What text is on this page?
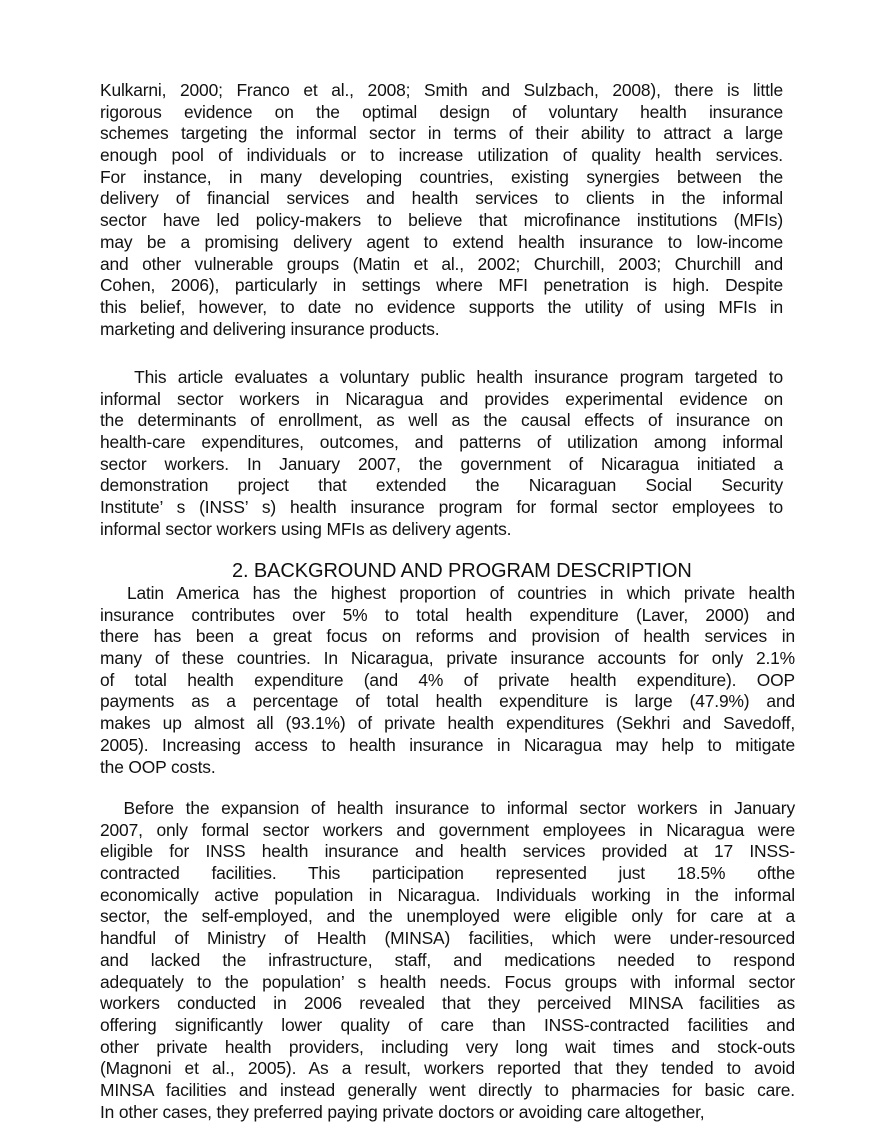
Kulkarni, 2000; Franco et al., 2008; Smith and Sulzbach, 2008), there is little
rigorous evidence on the optimal design of voluntary health insurance
schemes targeting the informal sector in terms of their ability to attract a large
enough pool of individuals or to increase utilization of quality health services.
For instance, in many developing countries, existing synergies between the
delivery of financial services and health services to clients in the informal
sector have led policy-makers to believe that microfinance institutions (MFIs)
may be a promising delivery agent to extend health insurance to low-income
and other vulnerable groups (Matin et al., 2002; Churchill, 2003; Churchill and
Cohen, 2006), particularly in settings where MFI penetration is high. Despite
this belief, however, to date no evidence supports the utility of using MFIs in
marketing and delivering insurance products.
This article evaluates a voluntary public health insurance program targeted to
informal sector workers in Nicaragua and provides experimental evidence on
the determinants of enrollment, as well as the causal effects of insurance on
health-care expenditures, outcomes, and patterns of utilization among informal
sector workers. In January 2007, the government of Nicaragua initiated a
demonstration project that extended the Nicaraguan Social Security
Institute’ s (INSS’ s) health insurance program for formal sector employees to
informal sector workers using MFIs as delivery agents.
2. BACKGROUND AND PROGRAM DESCRIPTION
Latin America has the highest proportion of countries in which private health
insurance contributes over 5% to total health expenditure (Laver, 2000) and
there has been a great focus on reforms and provision of health services in
many of these countries. In Nicaragua, private insurance accounts for only 2.1%
of total health expenditure (and 4% of private health expenditure). OOP
payments as a percentage of total health expenditure is large (47.9%) and
makes up almost all (93.1%) of private health expenditures (Sekhri and Savedoff,
2005). Increasing access to health insurance in Nicaragua may help to mitigate
the OOP costs.
Before the expansion of health insurance to informal sector workers in January
2007, only formal sector workers and government employees in Nicaragua were
eligible for INSS health insurance and health services provided at 17 INSS-
contracted facilities. This participation represented just 18.5% ofthe
economically active population in Nicaragua. Individuals working in the informal
sector, the self-employed, and the unemployed were eligible only for care at a
handful of Ministry of Health (MINSA) facilities, which were under-resourced
and lacked the infrastructure, staff, and medications needed to respond
adequately to the population’ s health needs. Focus groups with informal sector
workers conducted in 2006 revealed that they perceived MINSA facilities as
offering significantly lower quality of care than INSS-contracted facilities and
other private health providers, including very long wait times and stock-outs
(Magnoni et al., 2005). As a result, workers reported that they tended to avoid
MINSA facilities and instead generally went directly to pharmacies for basic care.
In other cases, they preferred paying private doctors or avoiding care altogether,
